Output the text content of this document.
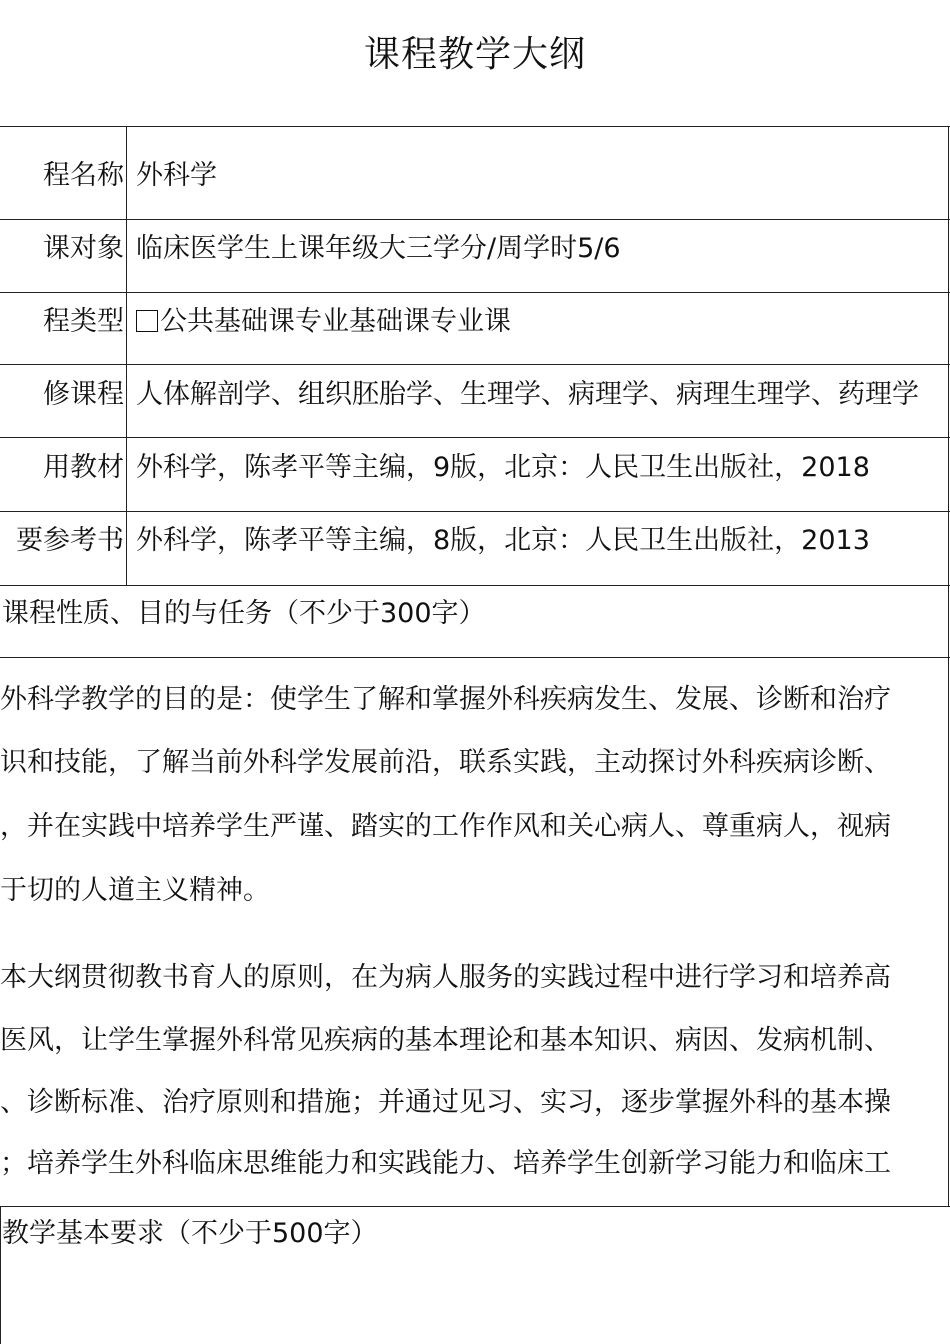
课程教学大纲
程名称 外科学
课对象 临床医学生上课年级大三学分/周学时5/6
程类型	公共基础课专业基础课专业课
修课程 人体解剖学、组织胚胎学、生理学、病理学、病理生理学、药理学
用教材 外科学，陈孝平等主编，9版，北京：人民卫生出版社，2018
要参考书 外科学，陈孝平等主编，8版，北京：人民卫生出版社，2013
课程性质、目的与任务（不少于300字）
外科学教学的目的是：使学生了解和掌握外科疾病发生、发展、诊断和治疗
识和技能，了解当前外科学发展前沿，联系实践，主动探讨外科疾病诊断、
，并在实践中培养学生严谨、踏实的工作作风和关心病人、尊重病人，视病
于切的人道主义精神。
本大纲贯彻教书育人的原则，在为病人服务的实践过程中进行学习和培养高
医风，让学生掌握外科常见疾病的基本理论和基本知识、病因、发病机制、
、诊断标准、治疗原则和措施；并通过见习、实习，逐步掌握外科的基本操
；培养学生外科临床思维能力和实践能力、培养学生创新学习能力和临床工
教学基本要求（不少于500字）
